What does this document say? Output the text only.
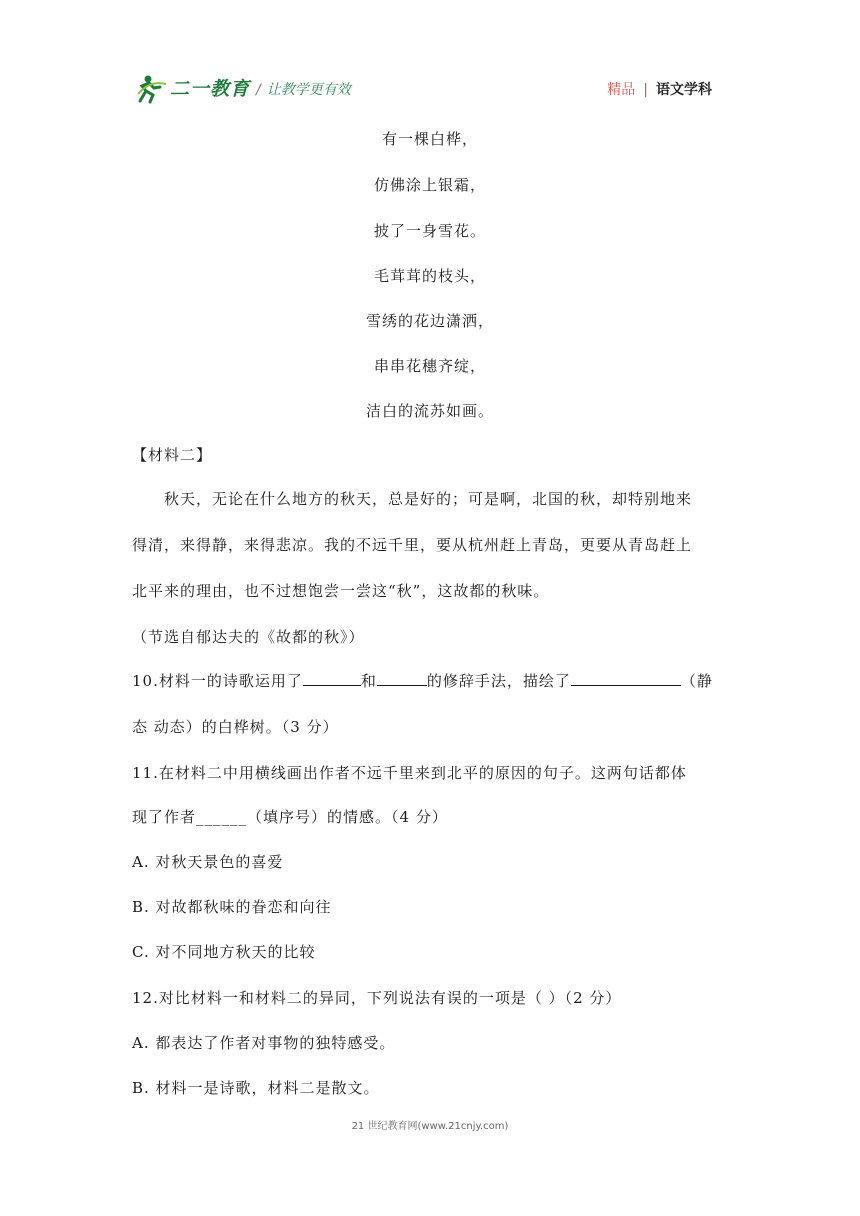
二一教育 / 让教学更有效	精品 | 语文学科
有一棵白桦，
仿佛涂上银霜，
披了一身雪花。
毛茸茸的枝头，
雪绣的花边潇洒，
串串花穗齐绽，
洁白的流苏如画。
【材料二】
秋天，无论在什么地方的秋天，总是好的；可是啊，北国的秋，却特别地来
得清，来得静，来得悲凉。我的不远千里，要从杭州赶上青岛，更要从青岛赶上
北平来的理由，也不过想饱尝一尝这“秋”，这故都的秋味。
（节选自郁达夫的《故都的秋》）
10.材料一的诗歌运用了	和	的修辞手法，描绘了	（静
态 动态）的白桦树。（3 分）
11.在材料二中用横线画出作者不远千里来到北平的原因的句子。这两句话都体
现了作者______（填序号）的情感。（4 分）
A. 对秋天景色的喜爱
B. 对故都秋味的眷恋和向往
C. 对不同地方秋天的比较
12.对比材料一和材料二的异同，下列说法有误的一项是（ ）（2 分）
A. 都表达了作者对事物的独特感受。
B. 材料一是诗歌，材料二是散文。
21 世纪教育网(www.21cnjy.com)
